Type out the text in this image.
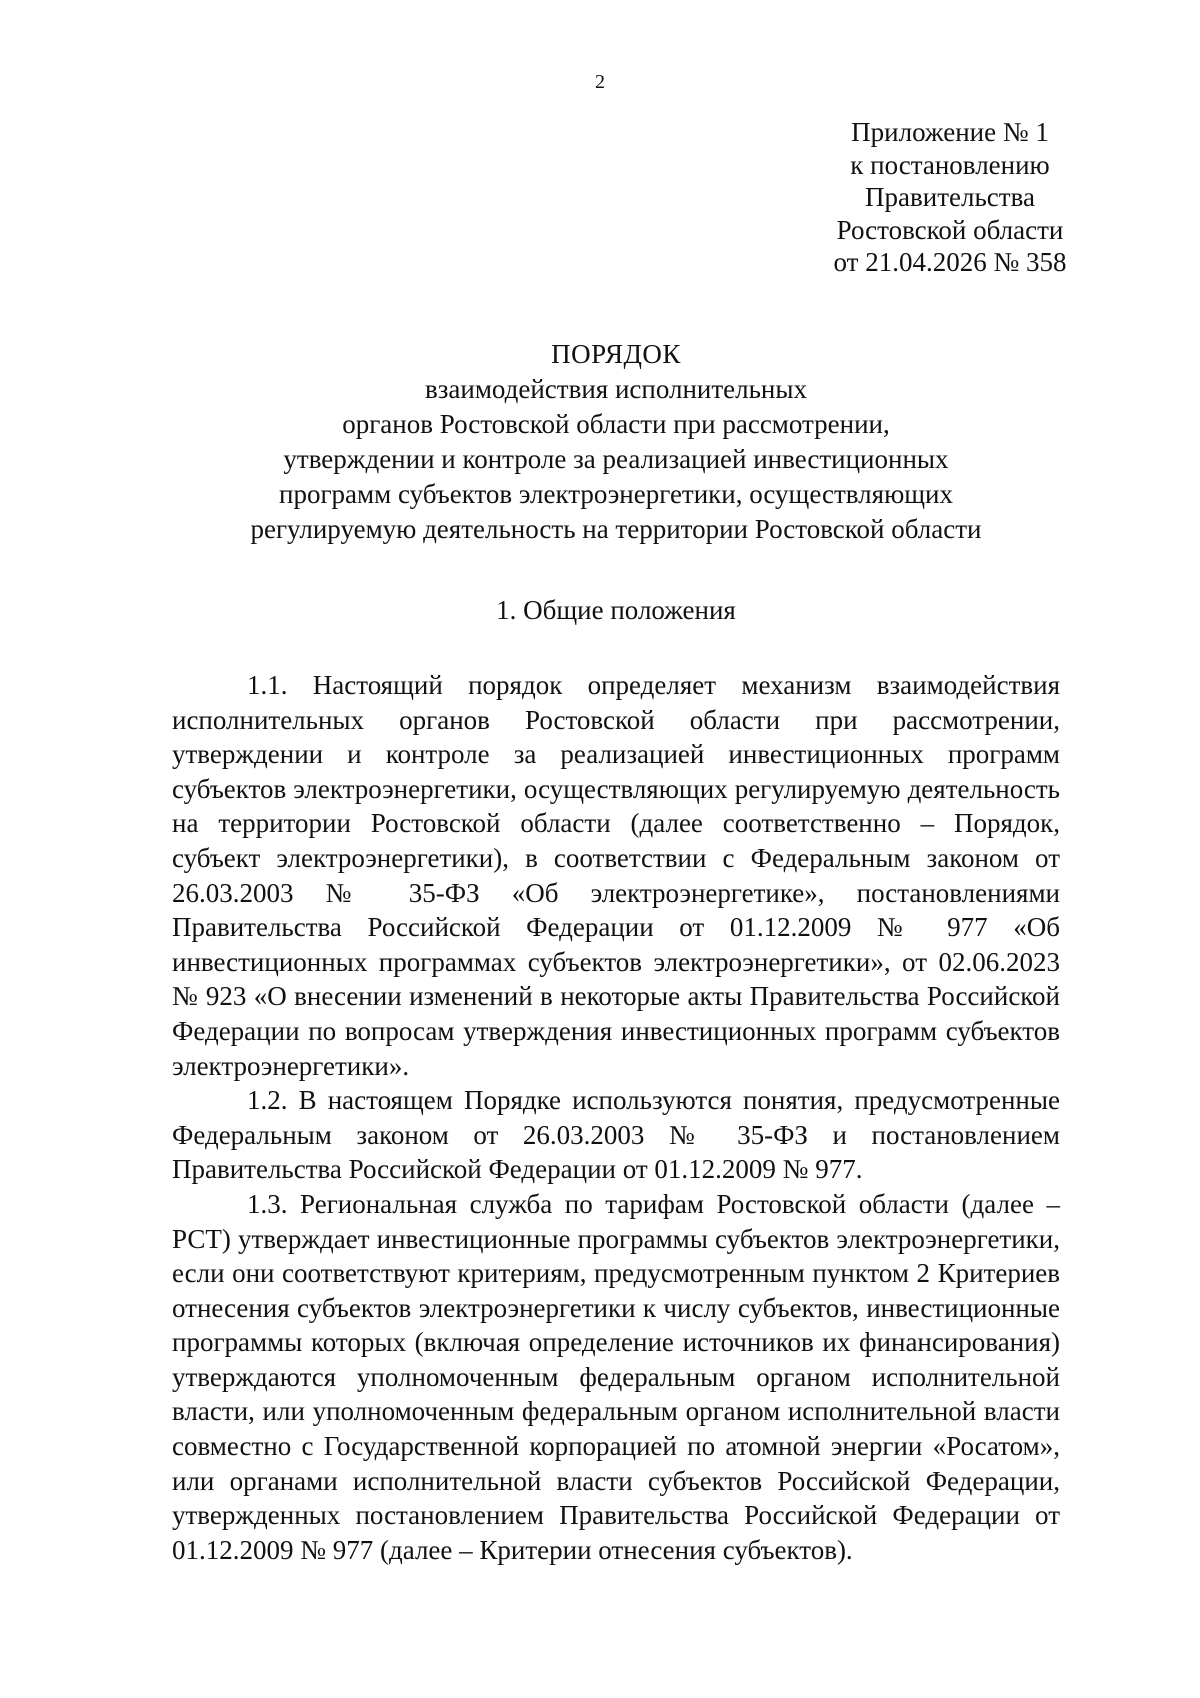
2
Приложение № 1
к постановлению
Правительства
Ростовской области
от 21.04.2026 № 358
ПОРЯДОК
взаимодействия исполнительных
органов Ростовской области при рассмотрении,
утверждении и контроле за реализацией инвестиционных
программ субъектов электроэнергетики, осуществляющих
регулируемую деятельность на территории Ростовской области
1. Общие положения

1.1. Настоящий порядок определяет механизм взаимодействия исполнительных органов Ростовской области при рассмотрении, утверждении и контроле за реализацией инвестиционных программ субъектов электроэнергетики, осуществляющих регулируемую деятельность на территории Ростовской области (далее соответственно – Порядок, субъект электроэнергетики), в соответствии с Федеральным законом от 26.03.2003 № 35-ФЗ «Об электроэнергетике», постановлениями Правительства Российской Федерации от 01.12.2009 № 977 «Об инвестиционных программах субъектов электроэнергетики», от 02.06.2023 № 923 «О внесении изменений в некоторые акты Правительства Российской Федерации по вопросам утверждения инвестиционных программ субъектов электроэнергетики».

1.2. В настоящем Порядке используются понятия, предусмотренные Федеральным законом от 26.03.2003 № 35-ФЗ и постановлением Правительства Российской Федерации от 01.12.2009 № 977.

1.3. Региональная служба по тарифам Ростовской области (далее – РСТ) утверждает инвестиционные программы субъектов электроэнергетики, если они соответствуют критериям, предусмотренным пунктом 2 Критериев отнесения субъектов электроэнергетики к числу субъектов, инвестиционные программы которых (включая определение источников их финансирования) утверждаются уполномоченным федеральным органом исполнительной власти, или уполномоченным федеральным органом исполнительной власти совместно с Государственной корпорацией по атомной энергии «Росатом», или органами исполнительной власти субъектов Российской Федерации, утвержденных постановлением Правительства Российской Федерации от 01.12.2009 № 977 (далее – Критерии отнесения субъектов).
